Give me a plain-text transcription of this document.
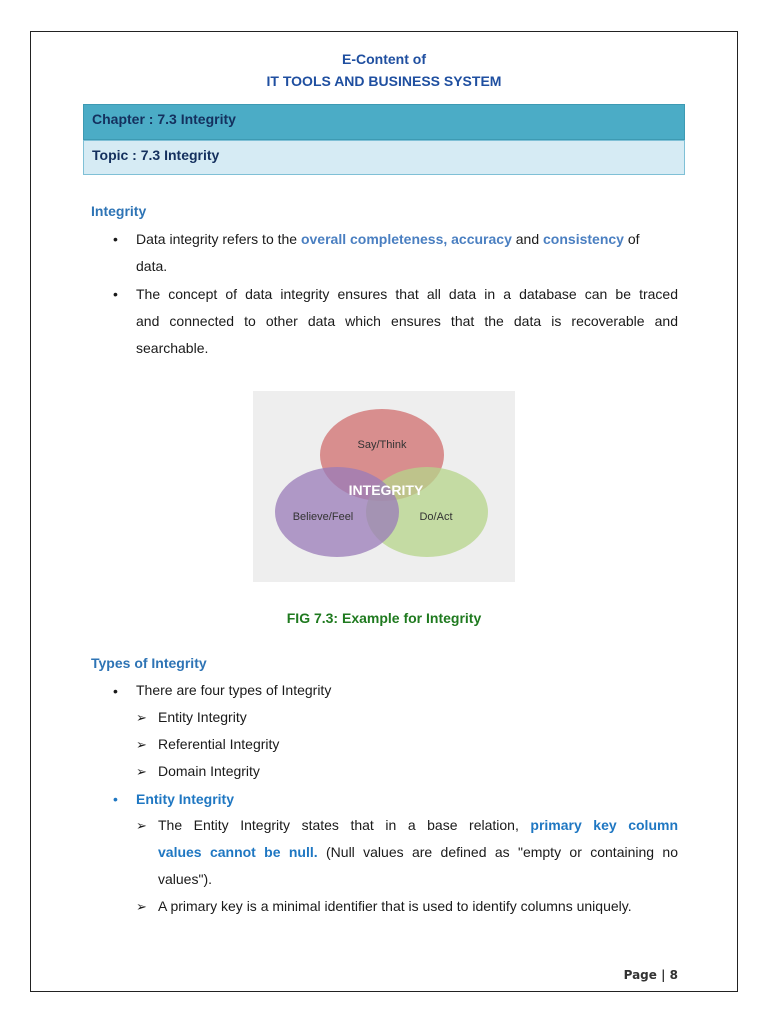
E-Content of
IT TOOLS AND BUSINESS SYSTEM
Chapter : 7.3 Integrity
Topic : 7.3 Integrity
Integrity
• Data integrity refers to the overall completeness, accuracy and consistency of
data.
• The concept of data integrity ensures that all data in a database can be traced
and connected to other data which ensures that the data is recoverable and
searchable.
Say/Think
INTEGRITY
Believe/Feel	Do/Act
FIG 7.3: Example for Integrity
Types of Integrity
• There are four types of Integrity
➢ Entity Integrity
➢ Referential Integrity
➢ Domain Integrity
• Entity Integrity
➢ The Entity Integrity states that in a base relation, primary key column
values cannot be null. (Null values are defined as "empty or containing no
values").
➢ A primary key is a minimal identifier that is used to identify columns uniquely.
Page | 8
